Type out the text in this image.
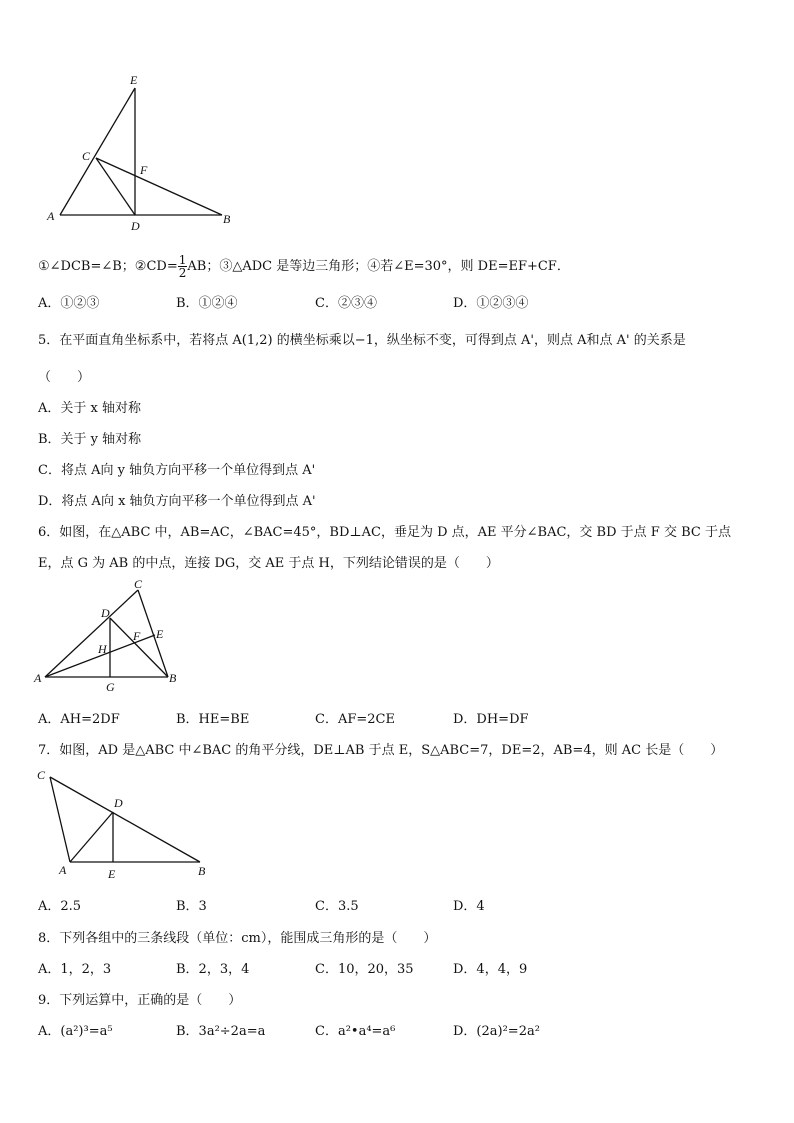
E
C
F
A
D	B
①∠DCB=∠B；②CD= $\frac{1}{2}$ AB；③△ADC 是等边三角形；④若∠E=30°，则 DE=EF+CF．
A．①②③	B．①②④	C．②③④	D．①②③④
5．在平面直角坐标系中，若将点 A(1,2) 的横坐标乘以−1，纵坐标不变，可得到点 A'，则点 A和点 A' 的关系是
（　　）
A．关于 x 轴对称
B．关于 y 轴对称
C．将点 A向 y 轴负方向平移一个单位得到点 A'
D．将点 A向 x 轴负方向平移一个单位得到点 A'
6．如图，在△ABC 中，AB=AC，∠BAC=45°，BD⊥AC，垂足为 D 点，AE 平分∠BAC，交 BD 于点 F 交 BC 于点
E，点 G 为 AB 的中点，连接 DG，交 AE 于点 H，下列结论错误的是（　　）
C
D
F E
H
A
G
B
A．AH=2DF	B．HE=BE	C．AF=2CE	D．DH=DF
7．如图，AD 是△ABC 中∠BAC 的角平分线，DE⊥AB 于点 E，S△ABC=7，DE=2，AB=4，则 AC 长是（　　）
C
D
A	E	B
A．2.5	B．3	C．3.5	D．4
8．下列各组中的三条线段（单位：cm），能围成三角形的是（　　）
A．1，2，3	B．2，3，4	C．10，20，35	D．4，4，9
9．下列运算中，正确的是（　　）
A．(a²)³=a⁵	B．3a²÷2a=a	C．a²•a⁴=a⁶	D．(2a)²=2a²
